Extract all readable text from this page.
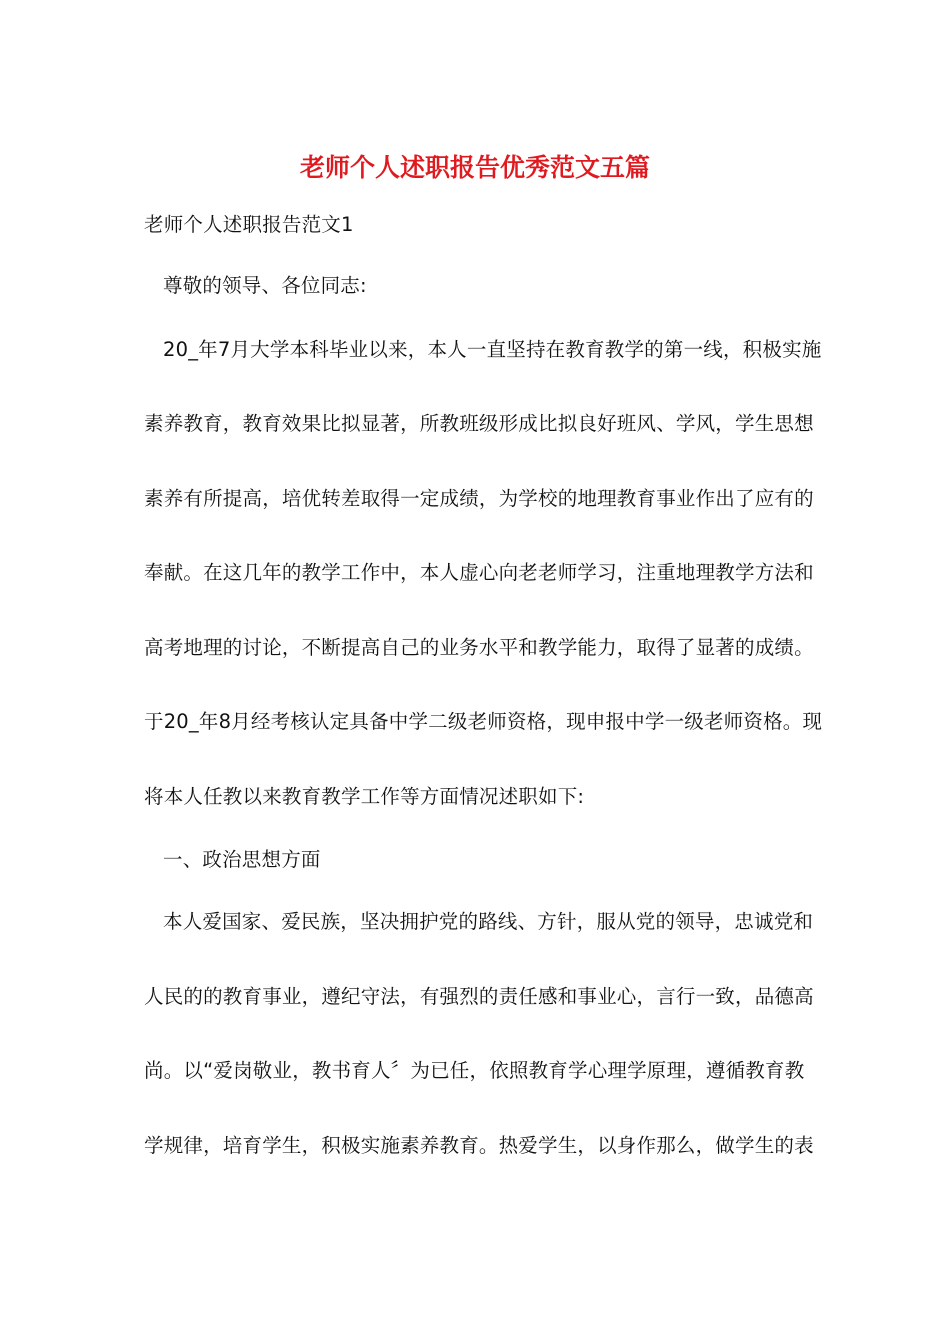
老师个人述职报告优秀范文五篇
老师个人述职报告范文1
尊敬的领导、各位同志:
20_年7月大学本科毕业以来，本人一直坚持在教育教学的第一线，积极实施
素养教育，教育效果比拟显著，所教班级形成比拟良好班风、学风，学生思想
素养有所提高，培优转差取得一定成绩，为学校的地理教育事业作出了应有的
奉献。在这几年的教学工作中，本人虚心向老老师学习，注重地理教学方法和
高考地理的讨论，不断提高自己的业务水平和教学能力，取得了显著的成绩。
于20_年8月经考核认定具备中学二级老师资格，现申报中学一级老师资格。现
将本人任教以来教育教学工作等方面情况述职如下:
一、政治思想方面
本人爱国家、爱民族，坚决拥护党的路线、方针，服从党的领导，忠诚党和
人民的的教育事业，遵纪守法，有强烈的责任感和事业心，言行一致，品德高
尚。以“爱岗敬业，教书育人〞为已任，依照教育学心理学原理，遵循教育教
学规律，培育学生，积极实施素养教育。热爱学生，以身作那么，做学生的表
